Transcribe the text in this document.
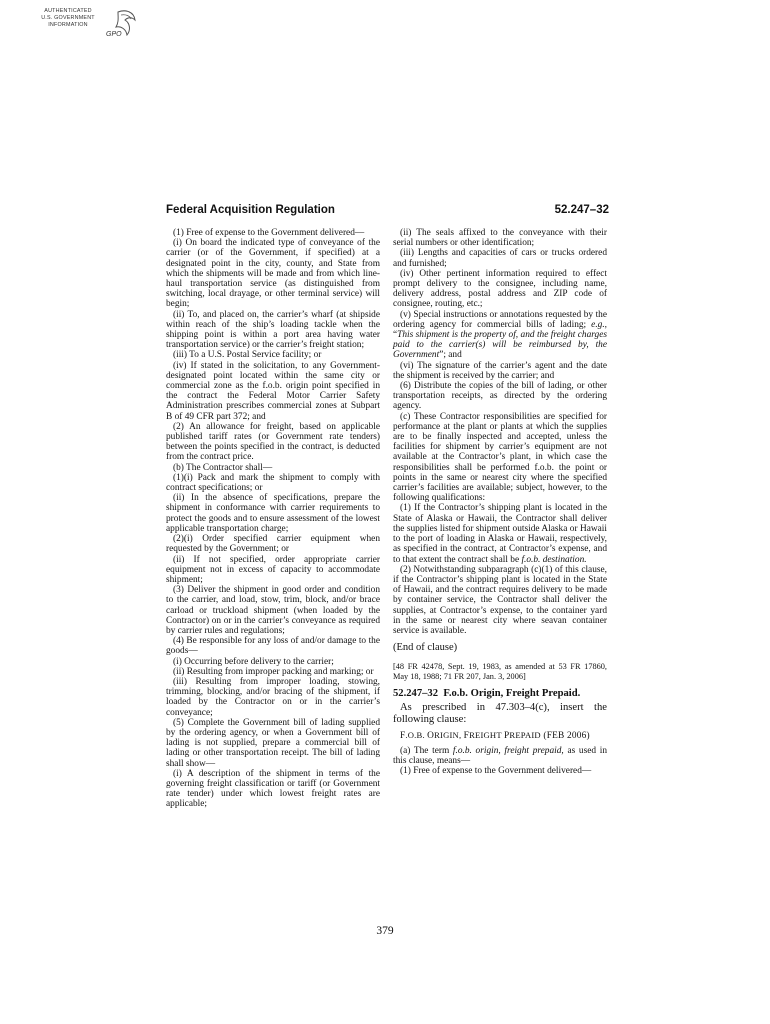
AUTHENTICATED
U.S. GOVERNMENT
INFORMATION
GPO
Federal Acquisition Regulation	52.247–32

(1) Free of expense to the Government delivered—

(i) On board the indicated type of conveyance of the carrier (or of the Government, if specified) at a designated point in the city, county, and State from which the shipments will be made and from which line-haul transportation service (as distinguished from switching, local drayage, or other terminal service) will begin;

(ii) To, and placed on, the carrier’s wharf (at shipside within reach of the ship’s loading tackle when the shipping point is within a port area having water transportation service) or the carrier’s freight station;

(iii) To a U.S. Postal Service facility; or

(iv) If stated in the solicitation, to any Government-designated point located within the same city or commercial zone as the f.o.b. origin point specified in the contract the Federal Motor Carrier Safety Administration prescribes commercial zones at Subpart B of 49 CFR part 372; and

(2) An allowance for freight, based on applicable published tariff rates (or Government rate tenders) between the points specified in the contract, is deducted from the contract price.

(b) The Contractor shall—

(1)(i) Pack and mark the shipment to comply with contract specifications; or

(ii) In the absence of specifications, prepare the shipment in conformance with carrier requirements to protect the goods and to ensure assessment of the lowest applicable transportation charge;

(2)(i) Order specified carrier equipment when requested by the Government; or

(ii) If not specified, order appropriate carrier equipment not in excess of capacity to accommodate shipment;

(3) Deliver the shipment in good order and condition to the carrier, and load, stow, trim, block, and/or brace carload or truckload shipment (when loaded by the Contractor) on or in the carrier’s conveyance as required by carrier rules and regulations;

(4) Be responsible for any loss of and/or damage to the goods—

(i) Occurring before delivery to the carrier;

(ii) Resulting from improper packing and marking; or

(iii) Resulting from improper loading, stowing, trimming, blocking, and/or bracing of the shipment, if loaded by the Contractor on or in the carrier’s conveyance;

(5) Complete the Government bill of lading supplied by the ordering agency, or when a Government bill of lading is not supplied, prepare a commercial bill of lading or other transportation receipt. The bill of lading shall show—

(i) A description of the shipment in terms of the governing freight classification or tariff (or Government rate tender) under which lowest freight rates are applicable;

(ii) The seals affixed to the conveyance with their serial numbers or other identification;

(iii) Lengths and capacities of cars or trucks ordered and furnished;

(iv) Other pertinent information required to effect prompt delivery to the consignee, including name, delivery address, postal address and ZIP code of consignee, routing, etc.;

(v) Special instructions or annotations requested by the ordering agency for commercial bills of lading; e.g., “This shipment is the property of, and the freight charges paid to the carrier(s) will be reimbursed by, the Government”; and

(vi) The signature of the carrier’s agent and the date the shipment is received by the carrier; and

(6) Distribute the copies of the bill of lading, or other transportation receipts, as directed by the ordering agency.

(c) These Contractor responsibilities are specified for performance at the plant or plants at which the supplies are to be finally inspected and accepted, unless the facilities for shipment by carrier’s equipment are not available at the Contractor’s plant, in which case the responsibilities shall be performed f.o.b. the point or points in the same or nearest city where the specified carrier’s facilities are available; subject, however, to the following qualifications:

(1) If the Contractor’s shipping plant is located in the State of Alaska or Hawaii, the Contractor shall deliver the supplies listed for shipment outside Alaska or Hawaii to the port of loading in Alaska or Hawaii, respectively, as specified in the contract, at Contractor’s expense, and to that extent the contract shall be f.o.b. destination.

(2) Notwithstanding subparagraph (c)(1) of this clause, if the Contractor’s shipping plant is located in the State of Hawaii, and the contract requires delivery to be made by container service, the Contractor shall deliver the supplies, at Contractor’s expense, to the container yard in the same or nearest city where seavan container service is available.

(End of clause)

[48 FR 42478, Sept. 19, 1983, as amended at 53 FR 17860, May 18, 1988; 71 FR 207, Jan. 3, 2006]

52.247–32 F.o.b. Origin, Freight Prepaid.

As prescribed in 47.303–4(c), insert the following clause:

F.O.B. ORIGIN, FREIGHT PREPAID (FEB 2006)

(a) The term f.o.b. origin, freight prepaid, as used in this clause, means—

(1) Free of expense to the Government delivered—

379
